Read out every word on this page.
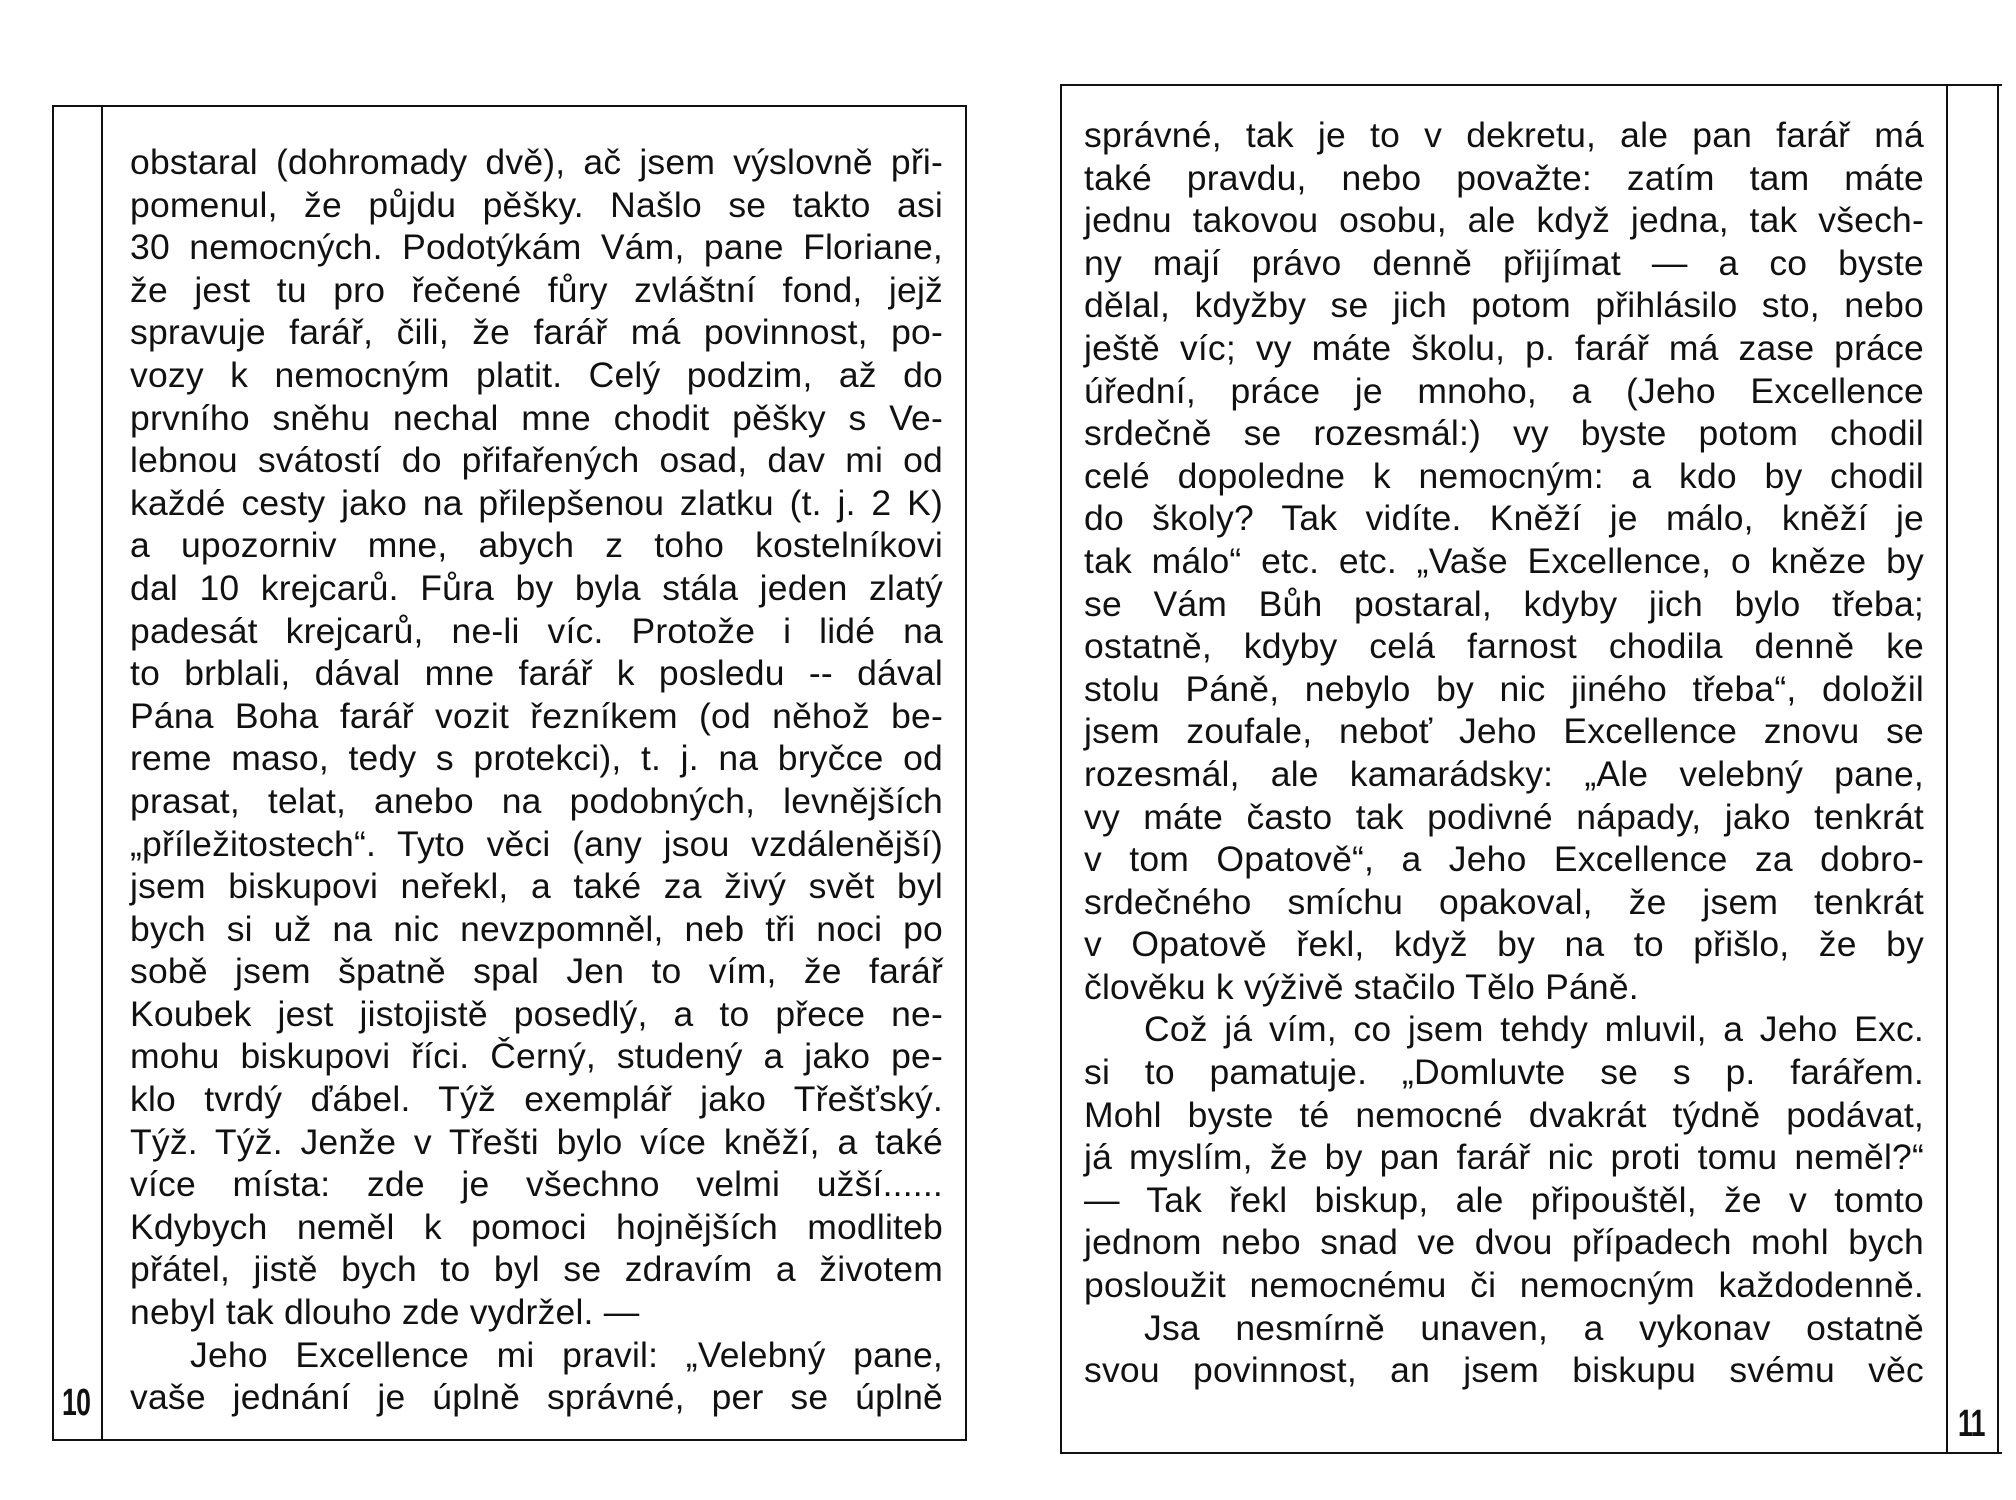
obstaral (dohromady dvě), ač jsem výslovně při-
pomenul, že půjdu pěšky. Našlo se takto asi
30 nemocných. Podotýkám Vám, pane Floriane,
že jest tu pro řečené fůry zvláštní fond, jejž
spravuje farář, čili, že farář má povinnost, po-
vozy k nemocným platit. Celý podzim, až do
prvního sněhu nechal mne chodit pěšky s Ve-
lebnou svátostí do přifařených osad, dav mi od
každé cesty jako na přilepšenou zlatku (t. j. 2 K)
a upozorniv mne, abych z toho kostelníkovi
dal 10 krejcarů. Fůra by byla stála jeden zlatý
padesát krejcarů, ne-li víc. Protože i lidé na
to brblali, dával mne farář k posledu -- dával
Pána Boha farář vozit řezníkem (od něhož be-
reme maso, tedy s protekci), t. j. na bryčce od
prasat, telat, anebo na podobných, levnějších
„příležitostech“. Tyto věci (any jsou vzdálenější)
jsem biskupovi neřekl, a také za živý svět byl
bych si už na nic nevzpomněl, neb tři noci po
sobě jsem špatně spal Jen to vím, že farář
Koubek jest jistojistě posedlý, a to přece ne-
mohu biskupovi říci. Černý, studený a jako pe-
klo tvrdý ďábel. Týž exemplář jako Třešťský.
Týž. Týž. Jenže v Třešti bylo více kněží, a také
více místa: zde je všechno velmi užší......
Kdybych neměl k pomoci hojnějších modliteb
přátel, jistě bych to byl se zdravím a životem
nebyl tak dlouho zde vydržel. —
Jeho Excellence mi pravil: „Velebný pane,
vaše jednání je úplně správné, per se úplně
10
správné, tak je to v dekretu, ale pan farář má
také pravdu, nebo považte: zatím tam máte
jednu takovou osobu, ale když jedna, tak všech-
ny mají právo denně přijímat — a co byste
dělal, kdyžby se jich potom přihlásilo sto, nebo
ještě víc; vy máte školu, p. farář má zase práce
úřední, práce je mnoho, a (Jeho Excellence
srdečně se rozesmál:) vy byste potom chodil
celé dopoledne k nemocným: a kdo by chodil
do školy? Tak vidíte. Kněží je málo, kněží je
tak málo“ etc. etc. „Vaše Excellence, o kněze by
se Vám Bůh postaral, kdyby jich bylo třeba;
ostatně, kdyby celá farnost chodila denně ke
stolu Páně, nebylo by nic jiného třeba“, doložil
jsem zoufale, neboť Jeho Excellence znovu se
rozesmál, ale kamarádsky: „Ale velebný pane,
vy máte často tak podivné nápady, jako tenkrát
v tom Opatově“, a Jeho Excellence za dobro-
srdečného smíchu opakoval, že jsem tenkrát
v Opatově řekl, když by na to přišlo, že by
člověku k výživě stačilo Tělo Páně.
Což já vím, co jsem tehdy mluvil, a Jeho Exc.
si to pamatuje. „Domluvte se s p. farářem.
Mohl byste té nemocné dvakrát týdně podávat,
já myslím, že by pan farář nic proti tomu neměl?“
— Tak řekl biskup, ale připouštěl, že v tomto
jednom nebo snad ve dvou případech mohl bych
posloužit nemocnému či nemocným každodenně.
Jsa nesmírně unaven, a vykonav ostatně
svou povinnost, an jsem biskupu svému věc
11
